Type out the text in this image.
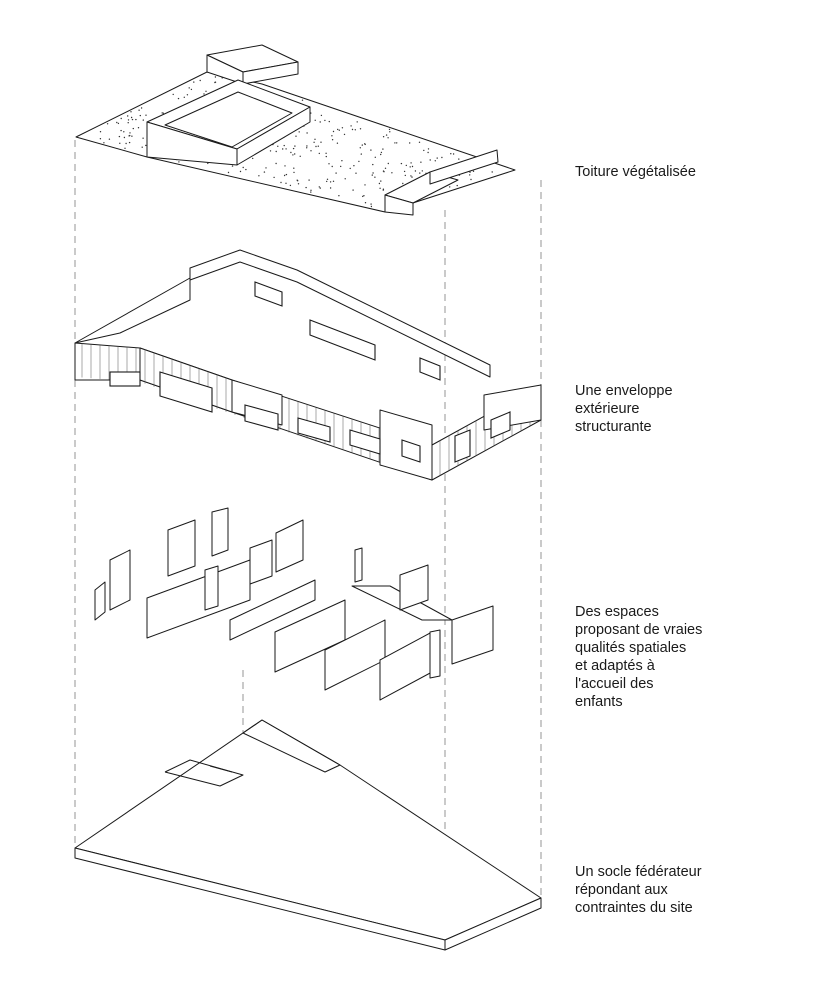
Toiture végétalisée
Une enveloppe
extérieure
structurante
Des espaces
proposant de vraies
qualités spatiales
et adaptés à
l'accueil des
enfants
Un socle fédérateur
répondant aux
contraintes du site
